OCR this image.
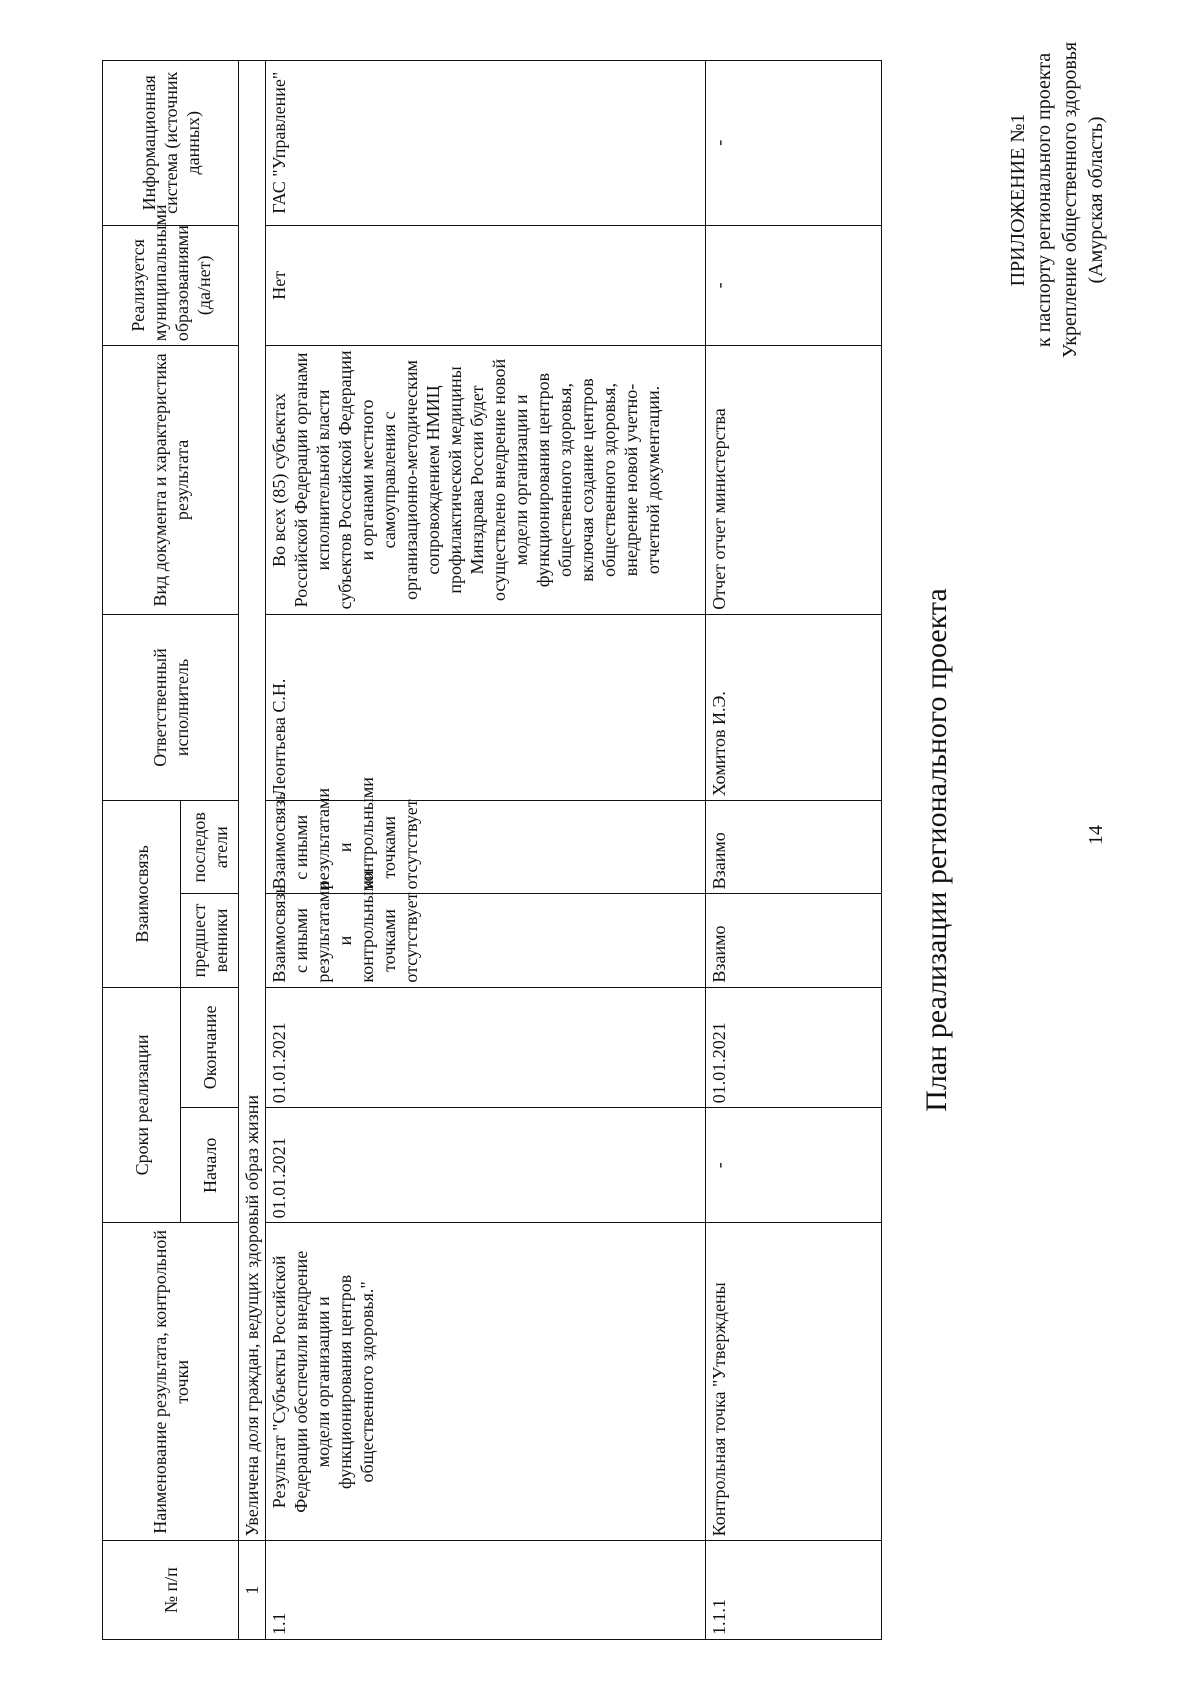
14
ПРИЛОЖЕНИЕ №1 к паспорту регионального проекта Укрепление общественного здоровья (Амурская область)
План реализации регионального проекта
№ п/п	Наименование результата, контрольной точки	Сроки реализации		Взаимосвязь		Ответственный исполнитель	Вид документа и характеристика результата	Реализуется муниципальными образованиями (да/нет)	Информационная система (источник данных)
		Начало	Окончание	предшест венники	последов атели				
1	Увеличена доля граждан, ведущих здоровый образ жизни								
1.1	Результат "Субъекты Российской Федерации обеспечили внедрение модели организации и функционирования центров общественного здоровья."	01.01.2021	01.01.2021	Взаимосвязь с иными результатами и контрольными точками отсутствует	Взаимосвязь с иными результатами и контрольными точками отсутствует	Леонтьева С.Н.	Во всех (85) субъектах Российской Федерации органами исполнительной власти субъектов Российской Федерации и органами местного самоуправления с организационно-методическим сопровождением НМИЦ профилактической медицины Минздрава России будет осуществлено внедрение новой модели организации и функционирования центров общественного здоровья, включая создание центров общественного здоровья, внедрение новой учетно-отчетной документации.	Нет	ГАС "Управление"
1.1.1	Контрольная точка "Утверждены	-	01.01.2021	Взаимо	Взаимо	Хомитов И.Э.	Отчет отчет министерства	-	-
